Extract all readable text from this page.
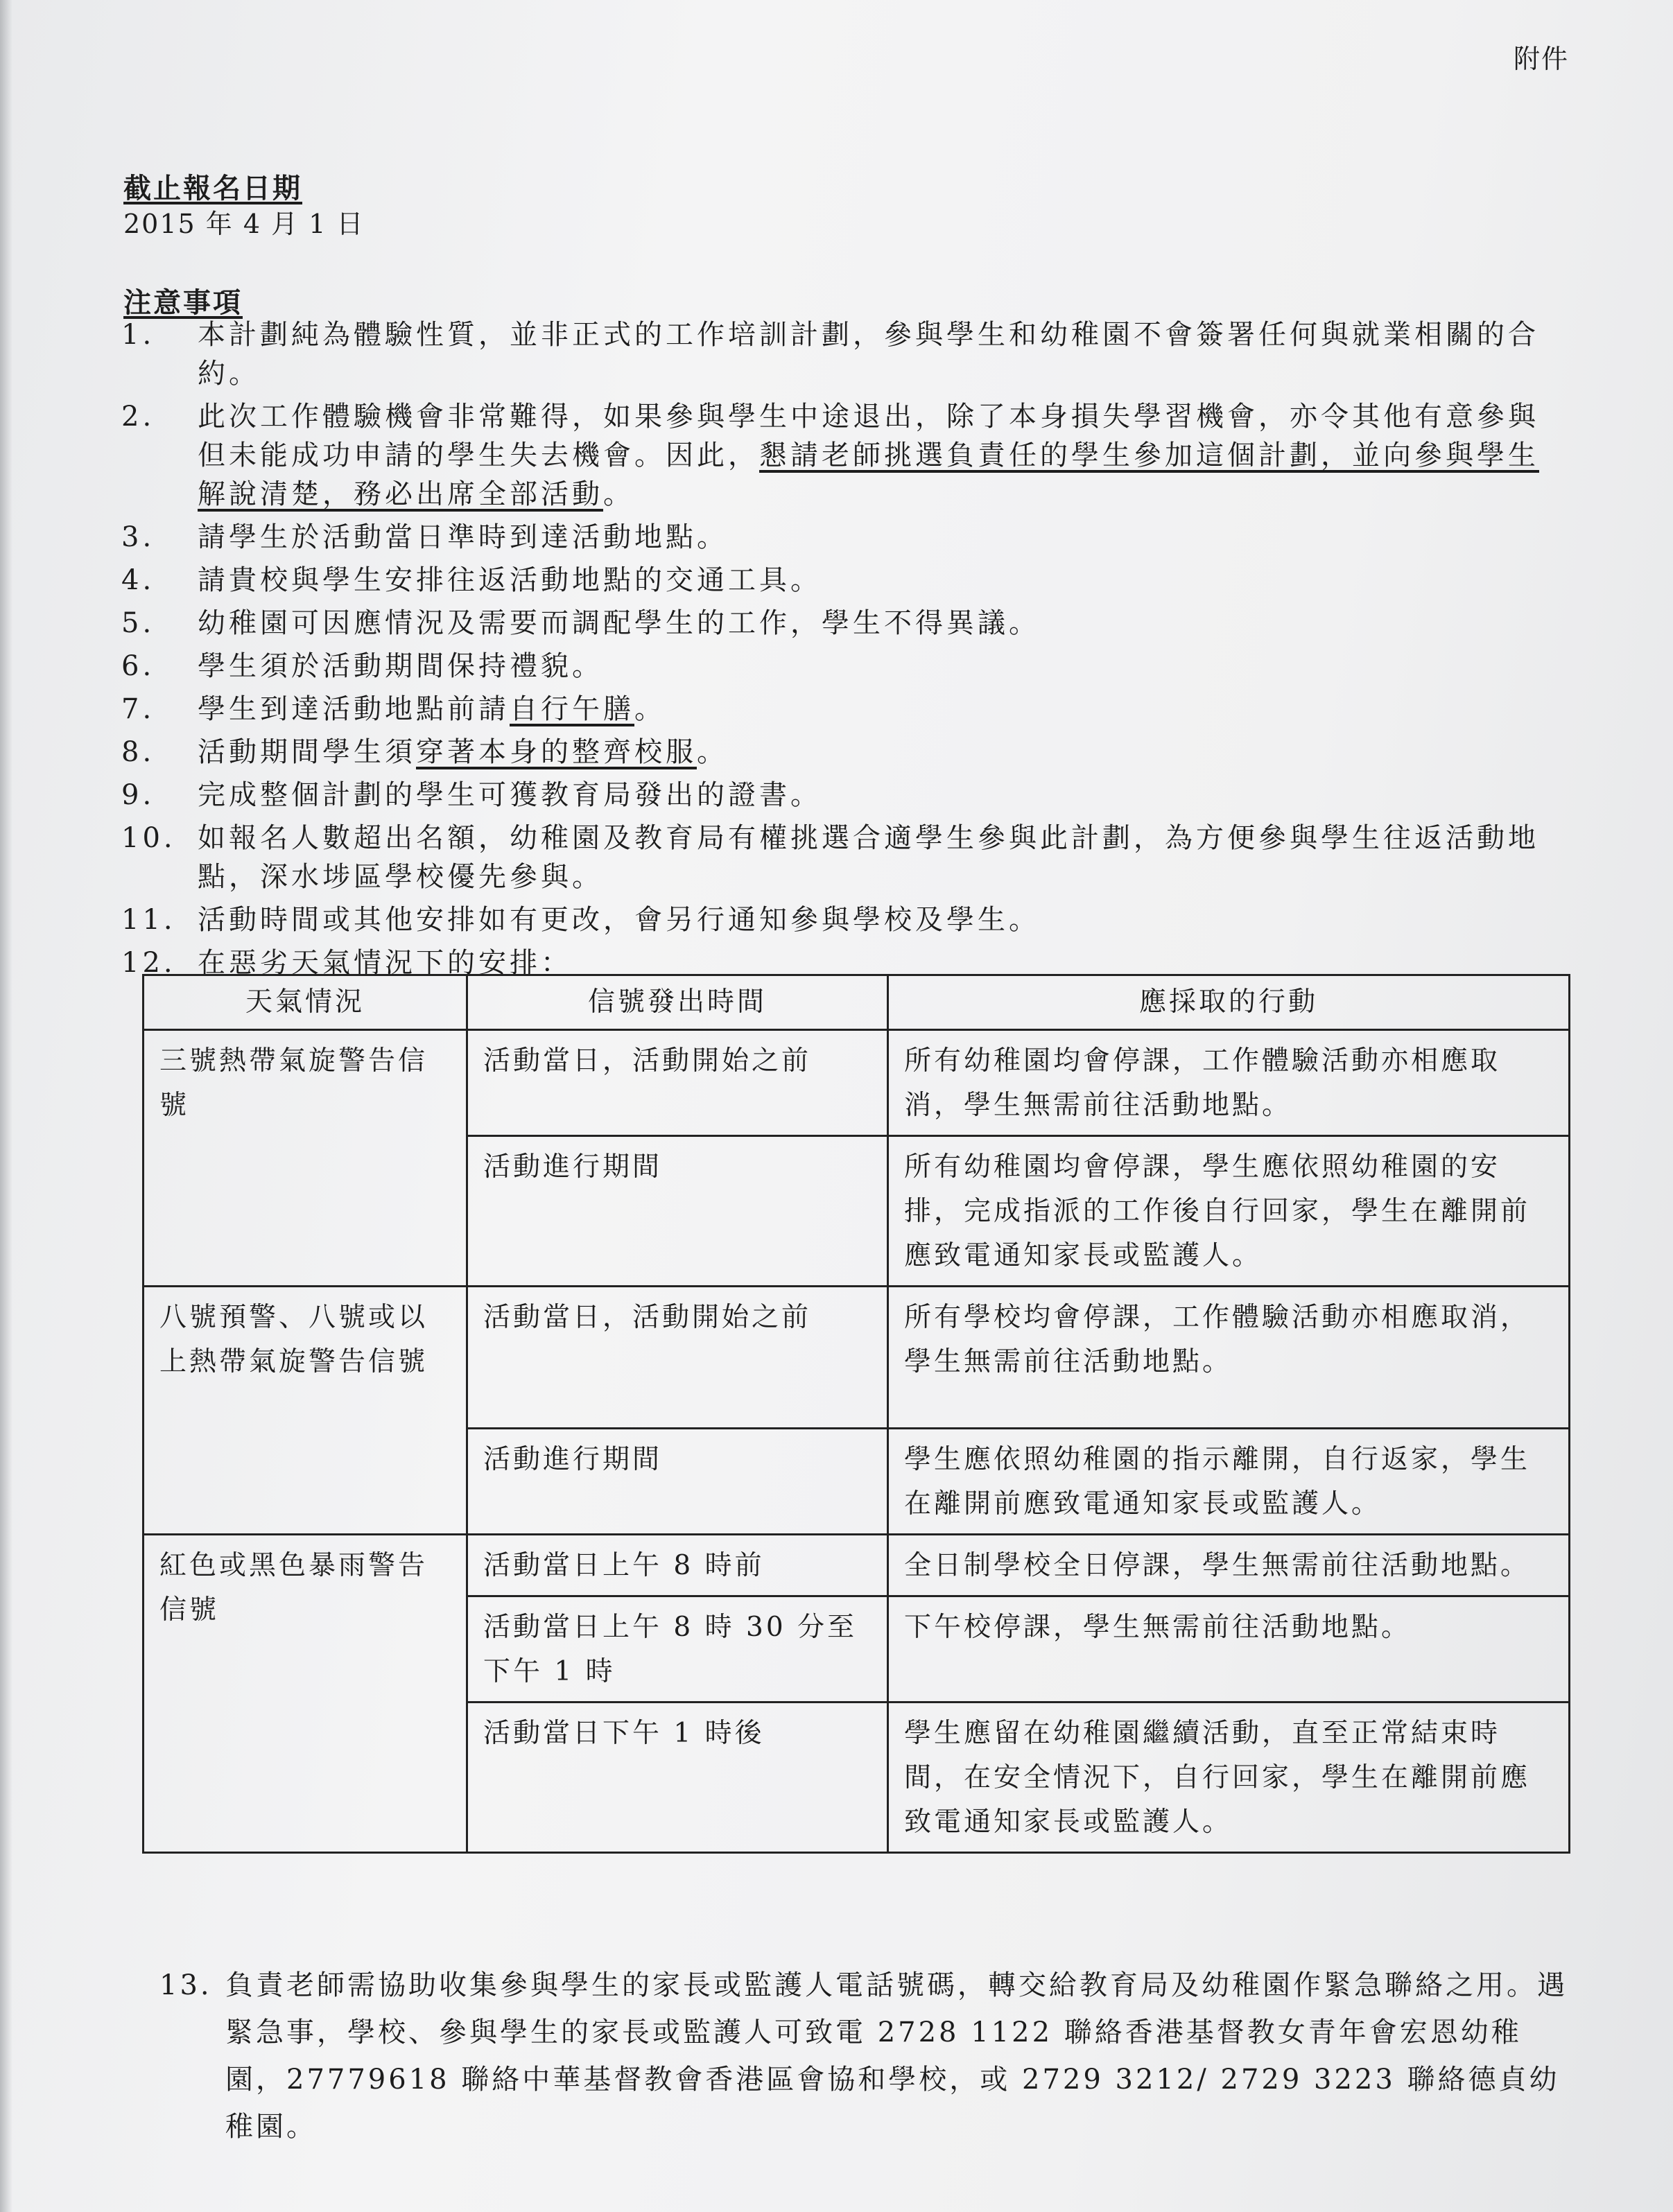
附件
截止報名日期
2015 年 4 月 1 日
注意事項
1.	本計劃純為體驗性質，並非正式的工作培訓計劃，參與學生和幼稚園不會簽署任何與就業相關的合約。
2.	此次工作體驗機會非常難得，如果參與學生中途退出，除了本身損失學習機會，亦令其他有意參與但未能成功申請的學生失去機會。因此，懇請老師挑選負責任的學生參加這個計劃，並向參與學生解說清楚，務必出席全部活動。
3.	請學生於活動當日準時到達活動地點。
4.	請貴校與學生安排往返活動地點的交通工具。
5.	幼稚園可因應情況及需要而調配學生的工作，學生不得異議。
6.	學生須於活動期間保持禮貌。
7.	學生到達活動地點前請自行午膳。
8.	活動期間學生須穿著本身的整齊校服。
9.	完成整個計劃的學生可獲教育局發出的證書。
10. 如報名人數超出名額，幼稚園及教育局有權挑選合適學生參與此計劃，為方便參與學生往返活動地點，深水埗區學校優先參與。
11. 活動時間或其他安排如有更改，會另行通知參與學校及學生。
12. 在惡劣天氣情況下的安排：
天氣情況	信號發出時間	應採取的行動
三號熱帶氣旋警告信號	活動當日，活動開始之前	所有幼稚園均會停課，工作體驗活動亦相應取消，學生無需前往活動地點。
	活動進行期間	所有幼稚園均會停課，學生應依照幼稚園的安排，完成指派的工作後自行回家，學生在離開前應致電通知家長或監護人。
八號預警、八號或以上熱帶氣旋警告信號	活動當日，活動開始之前	所有學校均會停課，工作體驗活動亦相應取消，學生無需前往活動地點。
	活動進行期間	學生應依照幼稚園的指示離開，自行返家，學生在離開前應致電通知家長或監護人。
紅色或黑色暴雨警告信號	活動當日上午 8 時前	全日制學校全日停課，學生無需前往活動地點。
	活動當日上午 8 時 30 分至下午 1 時	下午校停課，學生無需前往活動地點。
	活動當日下午 1 時後	學生應留在幼稚園繼續活動，直至正常結束時間，在安全情況下，自行回家，學生在離開前應致電通知家長或監護人。
13. 負責老師需協助收集參與學生的家長或監護人電話號碼，轉交給教育局及幼稚園作緊急聯絡之用。遇緊急事，學校、參與學生的家長或監護人可致電 2728 1122 聯絡香港基督教女青年會宏恩幼稚園，27779618 聯絡中華基督教會香港區會協和學校，或 2729 3212/ 2729 3223 聯絡德貞幼稚園。
